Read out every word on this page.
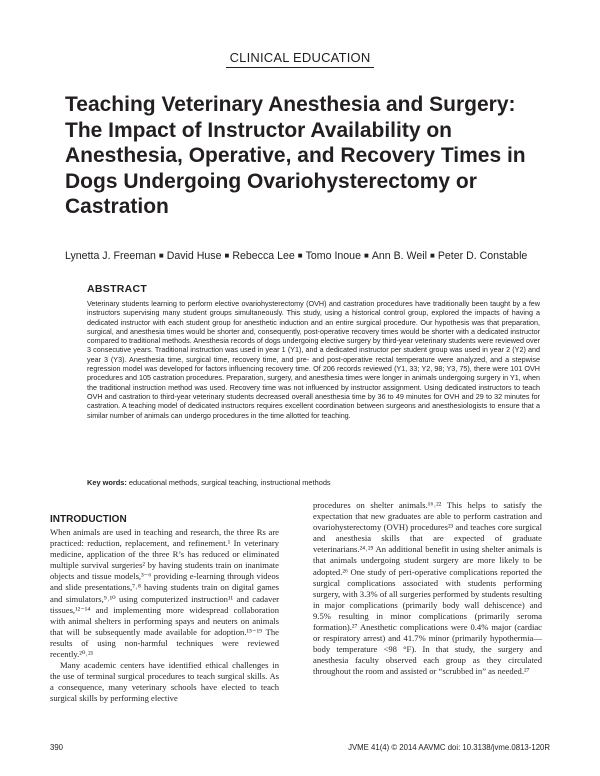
CLINICAL EDUCATION
Teaching Veterinary Anesthesia and Surgery: The Impact of Instructor Availability on Anesthesia, Operative, and Recovery Times in Dogs Undergoing Ovariohysterectomy or Castration
Lynetta J. Freeman ■ David Huse ■ Rebecca Lee ■ Tomo Inoue ■ Ann B. Weil ■ Peter D. Constable
ABSTRACT

Veterinary students learning to perform elective ovariohysterectomy (OVH) and castration procedures have traditionally been taught by a few instructors supervising many student groups simultaneously. This study, using a historical control group, explored the impacts of having a dedicated instructor with each student group for anesthetic induction and an entire surgical procedure. Our hypothesis was that preparation, surgical, and anesthesia times would be shorter and, consequently, post-operative recovery times would be shorter with a dedicated instructor compared to traditional methods. Anesthesia records of dogs undergoing elective surgery by third-year veterinary students were reviewed over 3 consecutive years. Traditional instruction was used in year 1 (Y1), and a dedicated instructor per student group was used in year 2 (Y2) and year 3 (Y3). Anesthesia time, surgical time, recovery time, and pre- and post-operative rectal temperature were analyzed, and a stepwise regression model was developed for factors influencing recovery time. Of 206 records reviewed (Y1, 33; Y2, 98; Y3, 75), there were 101 OVH procedures and 105 castration procedures. Preparation, surgery, and anesthesia times were longer in animals undergoing surgery in Y1, when the traditional instruction method was used. Recovery time was not influenced by instructor assignment. Using dedicated instructors to teach OVH and castration to third-year veterinary students decreased overall anesthesia time by 36 to 49 minutes for OVH and 29 to 32 minutes for castration. A teaching model of dedicated instructors requires excellent coordination between surgeons and anesthesiologists to ensure that a similar number of animals can undergo procedures in the time allotted for teaching.

Key words: educational methods, surgical teaching, instructional methods
INTRODUCTION

When animals are used in teaching and research, the three Rs are practiced: reduction, replacement, and refinement.¹ In veterinary medicine, application of the three R’s has reduced or eliminated multiple survival surgeries² by having students train on inanimate objects and tissue models,³⁻⁶ providing e-learning through videos and slide presentations,⁷˒⁸ having students train on digital games and simulators,⁹˒¹⁰ using computerized instruction¹¹ and cadaver tissues,¹²⁻¹⁴ and implementing more widespread collaboration with animal shelters in performing spays and neuters on animals that will be subsequently made available for adoption.¹⁵⁻¹⁹ The results of using non-harmful techniques were reviewed recently.²⁰˒²¹

Many academic centers have identified ethical challenges in the use of terminal surgical procedures to teach surgical skills. As a consequence, many veterinary schools have elected to teach surgical skills by performing elective

procedures on shelter animals.¹⁶˒²² This helps to satisfy the expectation that new graduates are able to perform castration and ovariohysterectomy (OVH) procedures²³ and teaches core surgical and anesthesia skills that are expected of graduate veterinarians.²⁴˒²⁵ An additional benefit in using shelter animals is that animals undergoing student surgery are more likely to be adopted.²⁶ One study of peri-operative complications reported the surgical complications associated with students performing surgery, with 3.3% of all surgeries performed by students resulting in major complications (primarily body wall dehiscence) and 9.5% resulting in minor complications (primarily seroma formation).²⁷ Anesthetic complications were 0.4% major (cardiac or respiratory arrest) and 41.7% minor (primarily hypothermia—body temperature <98 °F). In that study, the surgery and anesthesia faculty observed each group as they circulated throughout the room and assisted or “scrubbed in” as needed.²⁷

390	JVME 41(4) © 2014 AAVMC doi: 10.3138/jvme.0813-120R
